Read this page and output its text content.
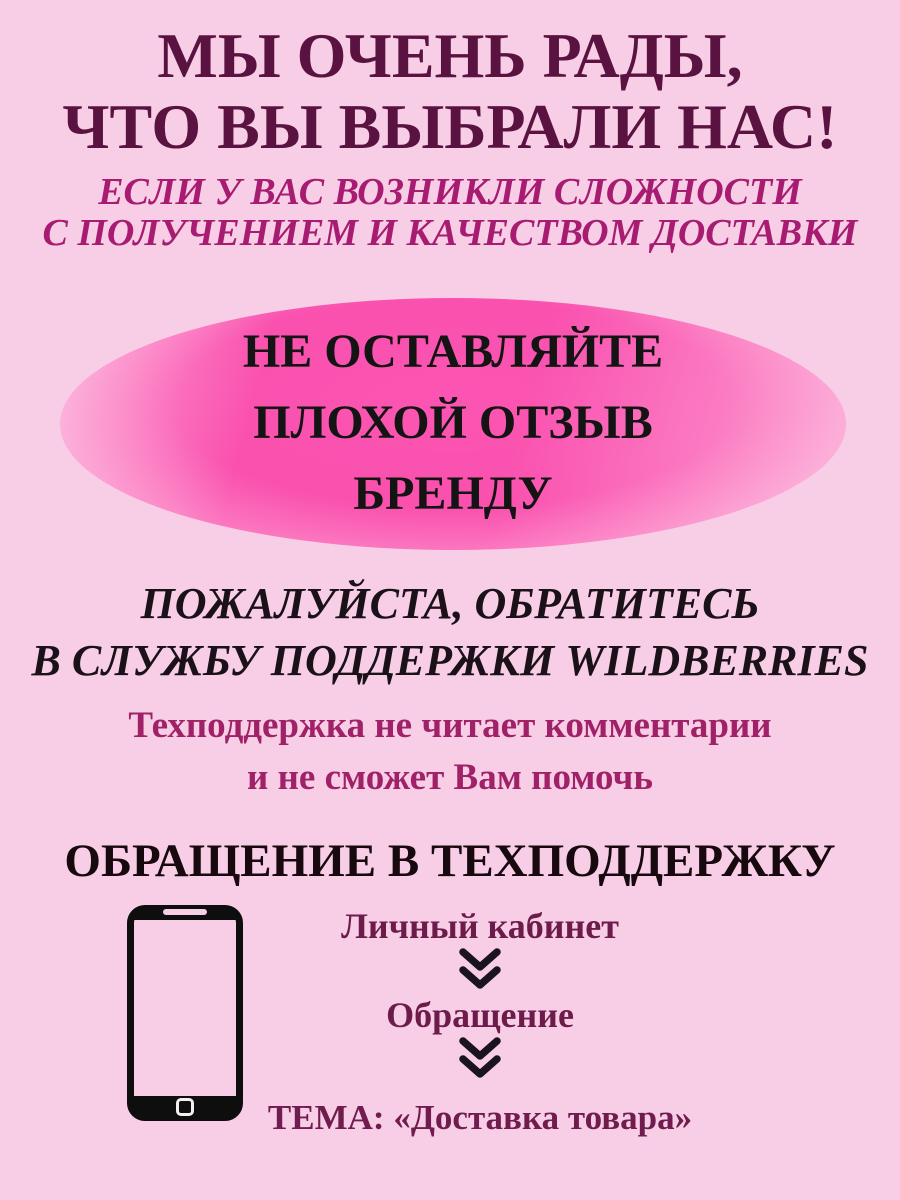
МЫ ОЧЕНЬ РАДЫ,
ЧТО ВЫ ВЫБРАЛИ НАС!
ЕСЛИ У ВАС ВОЗНИКЛИ СЛОЖНОСТИ
С ПОЛУЧЕНИЕМ И КАЧЕСТВОМ ДОСТАВКИ
НЕ ОСТАВЛЯЙТЕ
ПЛОХОЙ ОТЗЫВ
БРЕНДУ
ПОЖАЛУЙСТА, ОБРАТИТЕСЬ
В СЛУЖБУ ПОДДЕРЖКИ WILDBERRIES
Техподдержка не читает комментарии
и не сможет Вам помочь
ОБРАЩЕНИЕ В ТЕХПОДДЕРЖКУ
Личный кабинет
Обращение
ТЕМА: «Доставка товара»
